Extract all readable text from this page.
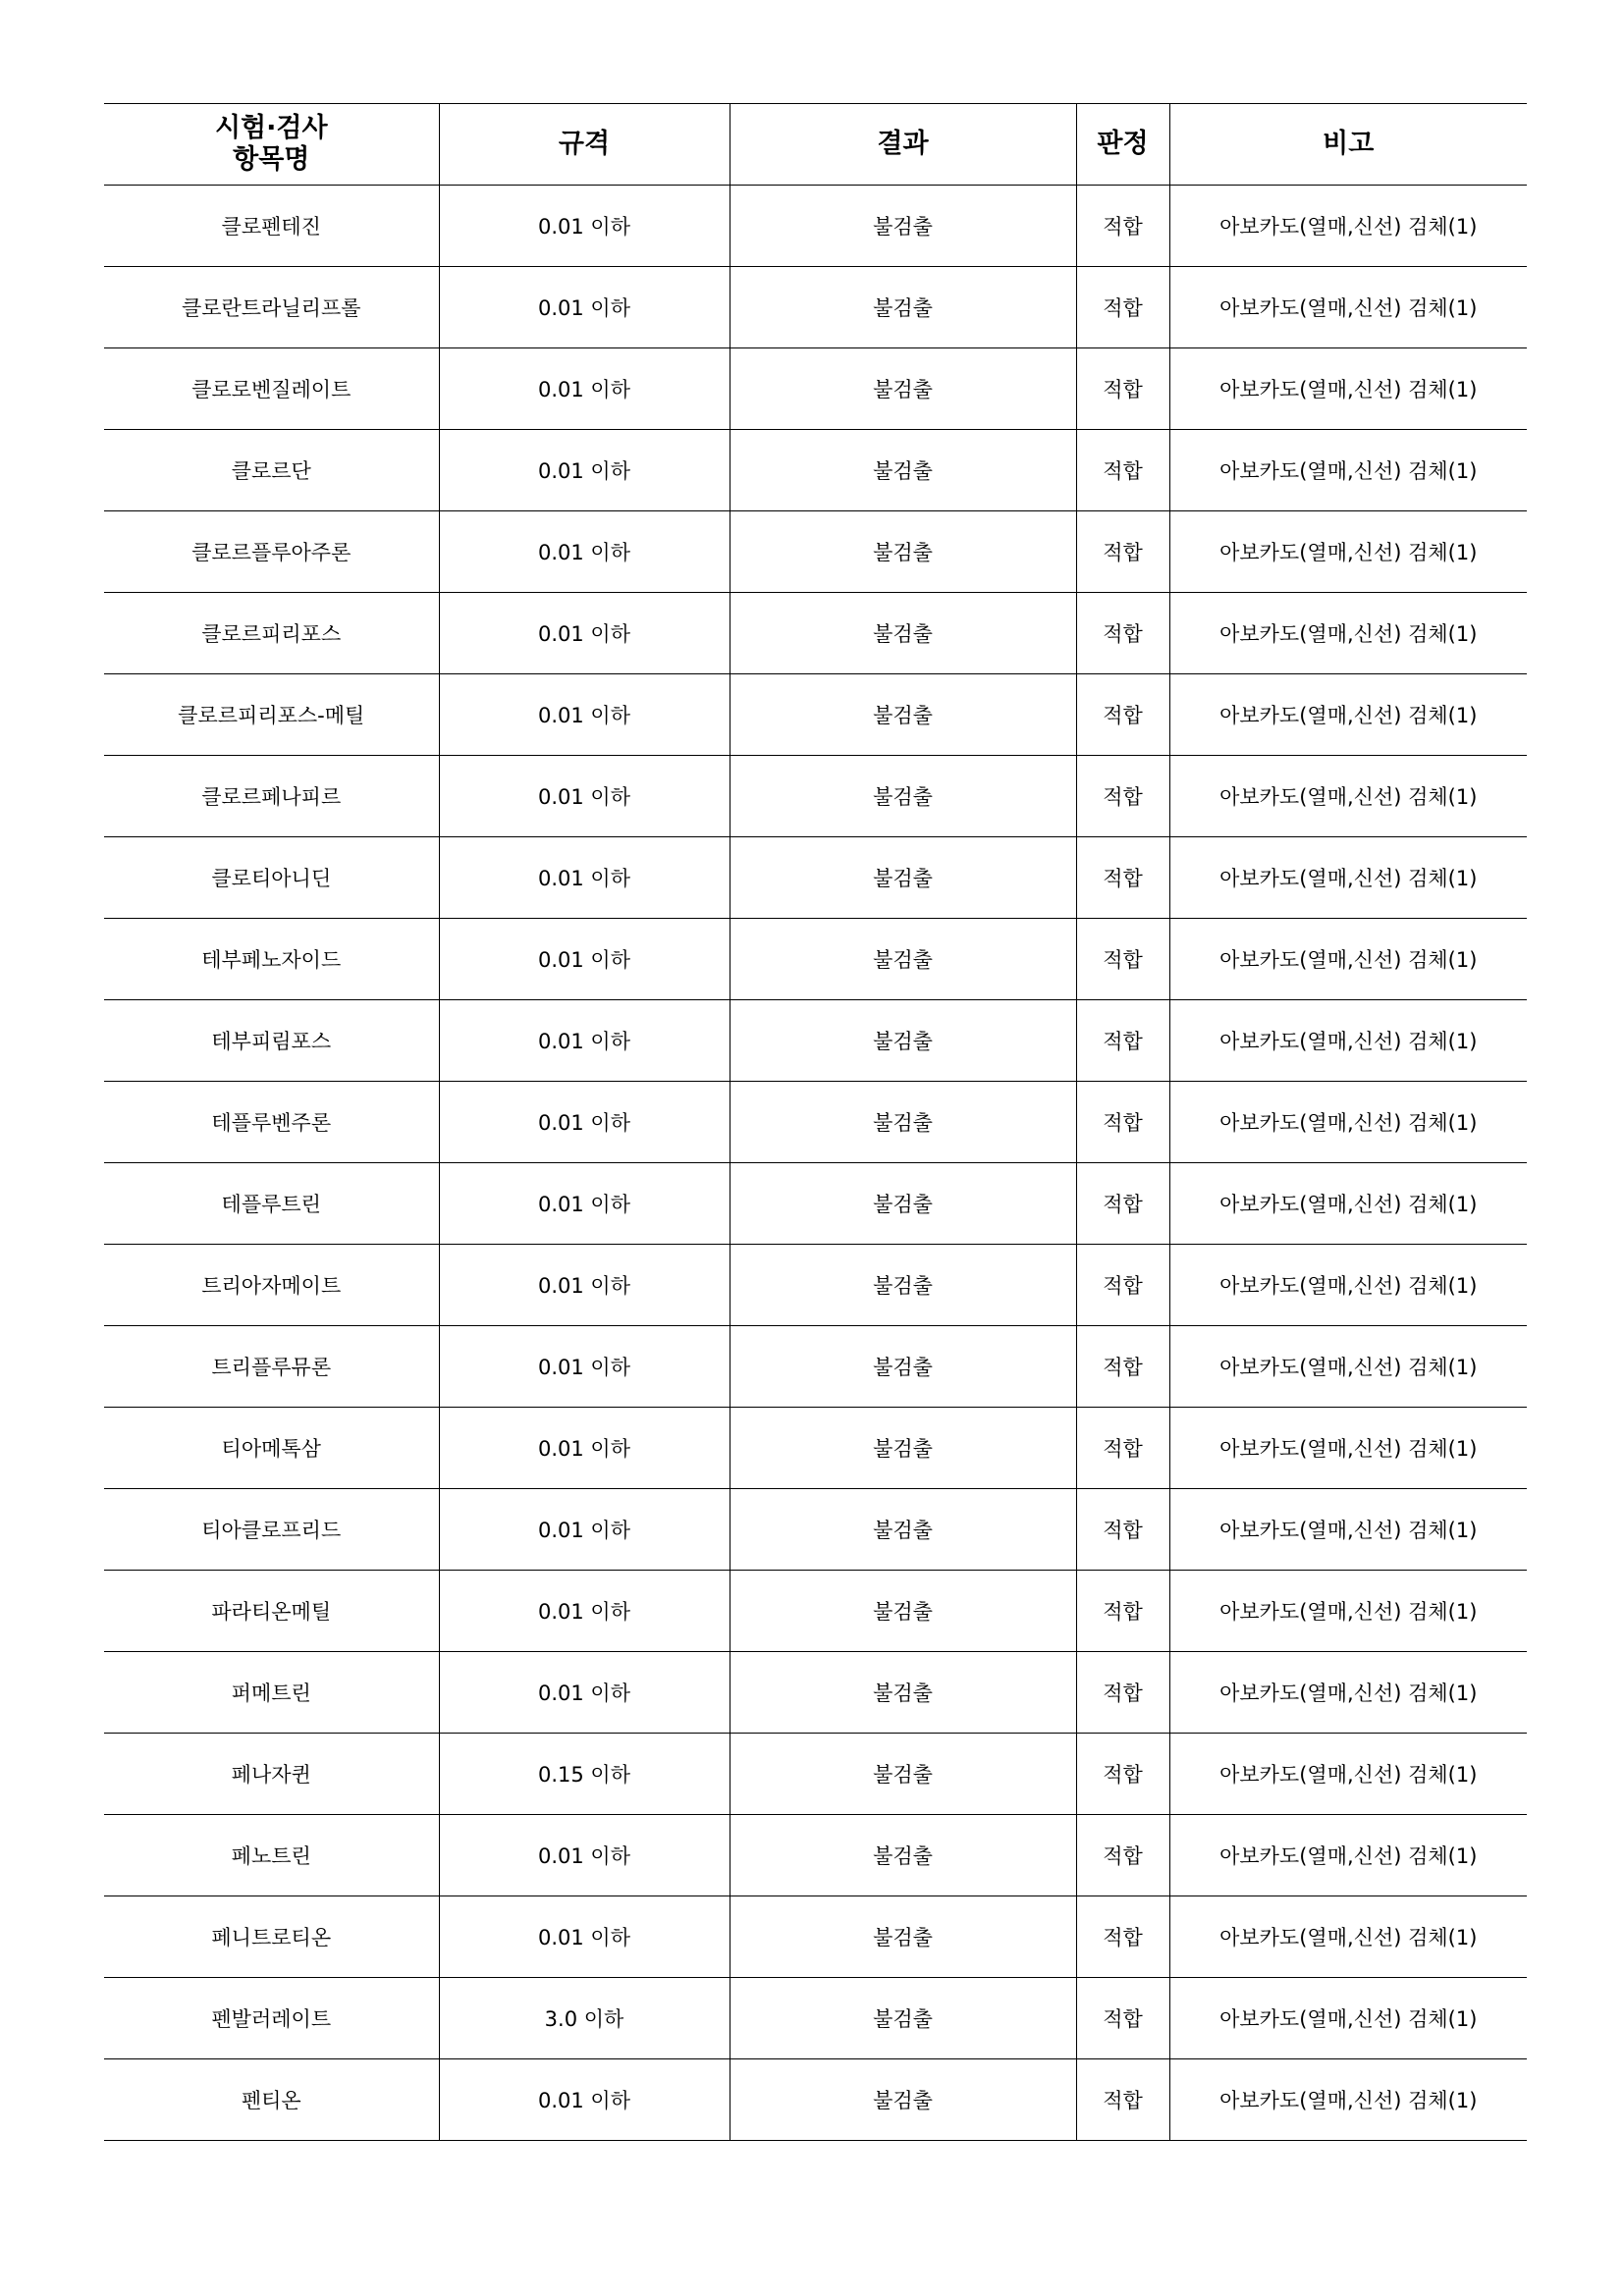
시험·검사
항목명	규격	결과	판정	비고
클로펜테진	0.01 이하	불검출	적합	아보카도(열매,신선) 검체(1)
클로란트라닐리프롤	0.01 이하	불검출	적합	아보카도(열매,신선) 검체(1)
클로로벤질레이트	0.01 이하	불검출	적합	아보카도(열매,신선) 검체(1)
클로르단	0.01 이하	불검출	적합	아보카도(열매,신선) 검체(1)
클로르플루아주론	0.01 이하	불검출	적합	아보카도(열매,신선) 검체(1)
클로르피리포스	0.01 이하	불검출	적합	아보카도(열매,신선) 검체(1)
클로르피리포스-메틸	0.01 이하	불검출	적합	아보카도(열매,신선) 검체(1)
클로르페나피르	0.01 이하	불검출	적합	아보카도(열매,신선) 검체(1)
클로티아니딘	0.01 이하	불검출	적합	아보카도(열매,신선) 검체(1)
테부페노자이드	0.01 이하	불검출	적합	아보카도(열매,신선) 검체(1)
테부피림포스	0.01 이하	불검출	적합	아보카도(열매,신선) 검체(1)
테플루벤주론	0.01 이하	불검출	적합	아보카도(열매,신선) 검체(1)
테플루트린	0.01 이하	불검출	적합	아보카도(열매,신선) 검체(1)
트리아자메이트	0.01 이하	불검출	적합	아보카도(열매,신선) 검체(1)
트리플루뮤론	0.01 이하	불검출	적합	아보카도(열매,신선) 검체(1)
티아메톡삼	0.01 이하	불검출	적합	아보카도(열매,신선) 검체(1)
티아클로프리드	0.01 이하	불검출	적합	아보카도(열매,신선) 검체(1)
파라티온메틸	0.01 이하	불검출	적합	아보카도(열매,신선) 검체(1)
퍼메트린	0.01 이하	불검출	적합	아보카도(열매,신선) 검체(1)
페나자퀸	0.15 이하	불검출	적합	아보카도(열매,신선) 검체(1)
페노트린	0.01 이하	불검출	적합	아보카도(열매,신선) 검체(1)
페니트로티온	0.01 이하	불검출	적합	아보카도(열매,신선) 검체(1)
펜발러레이트	3.0 이하	불검출	적합	아보카도(열매,신선) 검체(1)
펜티온	0.01 이하	불검출	적합	아보카도(열매,신선) 검체(1)
